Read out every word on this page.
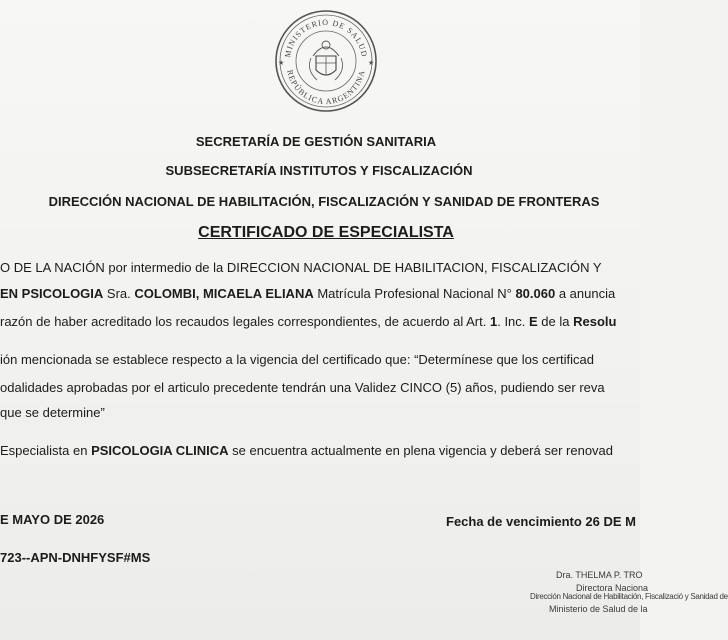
MINISTERIO DE SALUD
REPÚBLICA ARGENTINA
★	★
SECRETARÍA DE GESTIÓN SANITARIA
SUBSECRETARÍA INSTITUTOS Y FISCALIZACIÓN
DIRECCIÓN NACIONAL DE HABILITACIÓN, FISCALIZACIÓN Y SANIDAD DE FRONTERAS
CERTIFICADO DE ESPECIALISTA
O DE LA NACIÓN por intermedio de la DIRECCION NACIONAL DE HABILITACION, FISCALIZACIÓN Y
EN PSICOLOGIA Sra. COLOMBI, MICAELA ELIANA Matrícula Profesional Nacional N° 80.060 a anuncia
razón de haber acreditado los recaudos legales correspondientes, de acuerdo al Art. 1. Inc. E de la Resolu
ión mencionada se establece respecto a la vigencia del certificado que: “Determínese que los certificad
odalidades aprobadas por el articulo precedente tendrán una Validez CINCO (5) años, pudiendo ser reva
que se determine”
Especialista en PSICOLOGIA CLINICA se encuentra actualmente en plena vigencia y deberá ser renovad
E MAYO DE 2026	Fecha de vencimiento 26 DE M
723--APN-DNHFYSF#MS
Dra. THELMA P. TRO
Directora Naciona
Dirección Nacional de Habilitación, Fiscalizació y Sanidad de
Ministerio de Salud de la
